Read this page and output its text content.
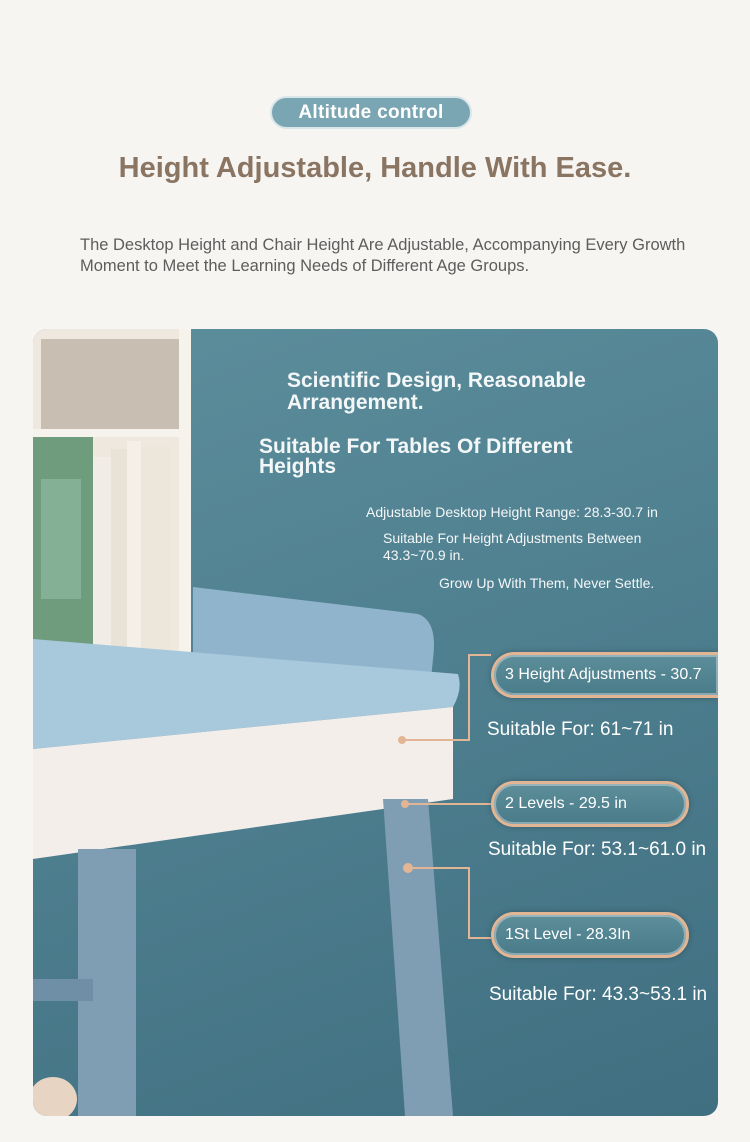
Altitude control
Height Adjustable, Handle With Ease.
The Desktop Height and Chair Height Are Adjustable, Accompanying Every Growth Moment to Meet the Learning Needs of Different Age Groups.
Scientific Design, Reasonable Arrangement.
Suitable For Tables Of Different Heights
Adjustable Desktop Height Range: 28.3-30.7 in
Suitable For Height Adjustments Between 43.3~70.9 in.
Grow Up With Them, Never Settle.
3 Height Adjustments - 30.7
Suitable For: 61~71 in
2 Levels - 29.5 in
Suitable For: 53.1~61.0 in
1St Level - 28.3In
Suitable For: 43.3~53.1 in
